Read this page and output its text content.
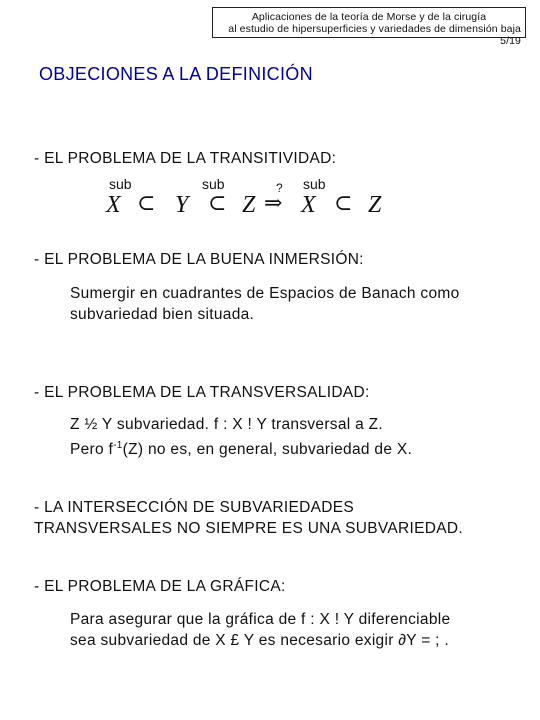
Aplicaciones de la teoría de Morse y de la cirugía
al estudio de hipersuperficies y variedades de dimensión baja 5/19
OBJECIONES A LA DEFINICIÓN
- EL PROBLEMA DE LA TRANSITIVIDAD:
sub	sub	? sub
X ⊂ Y ⊂ Z ⇒ X ⊂ Z
- EL PROBLEMA DE LA BUENA INMERSIÓN:
Sumergir en cuadrantes de Espacios de Banach como
subvariedad bien situada.
- EL PROBLEMA DE LA TRANSVERSALIDAD:
Z ½ Y subvariedad. f : X ! Y transversal a Z.
Pero $f^{-1}(Z)$ no es, en general, subvariedad de X.
- LA INTERSECCIÓN DE SUBVARIEDADES
TRANSVERSALES NO SIEMPRE ES UNA SUBVARIEDAD.
- EL PROBLEMA DE LA GRÁFICA:
Para asegurar que la gráfica de f : X ! Y diferenciable
sea subvariedad de X £ Y es necesario exigir ∂Y = ; .
